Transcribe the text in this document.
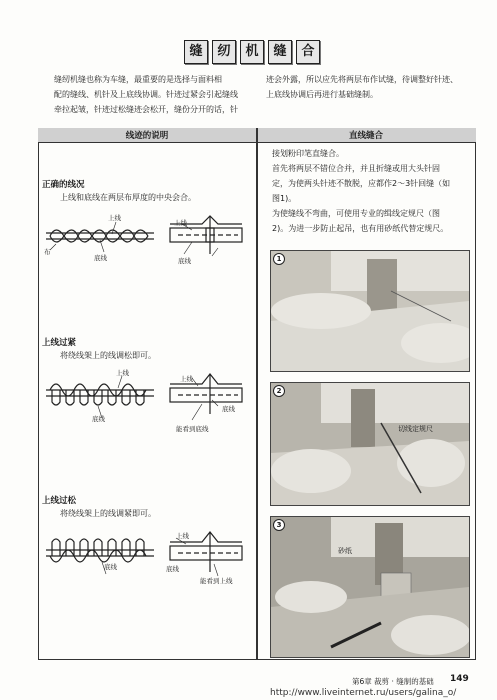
缝	纫	机	缝	合
缝纫机缝也称为车缝，最重要的是选择与面料相
配的缝线、机针及上底线协调。针迹过紧会引起缝线
牵拉起皱，针迹过松缝迹会松开，缝份分开的话，针
迹会外露，所以应先将两层布作试缝，待调整好针迹、
上底线协调后再进行基础缝制。
线迹的说明	直线缝合
正确的线况
上线和底线在两层布厚度的中央会合。
上线
布
底线
上线
底线
上线过紧
将绕线架上的线调松即可。
上线
底线
上线
底线
能看到底线
上线过松
将绕线架上的线调紧即可。
上线
底线	底线
能看到上线
接划粉印笔直缝合。
首先将两层不错位合并，并且折缝或用大头针固
定，为使两头针迹不散脱，应都作2～3针回缝（如
图1)。
为使缝线不弯曲，可使用专业的缉线定规尺（图
2)。为进一步防止起吊，也有用砂纸代替定规尺。
1
2
切线定规尺
3
砂纸
第6章 裁剪 · 缝制的基础 149
http://www.liveinternet.ru/users/galina_o/
